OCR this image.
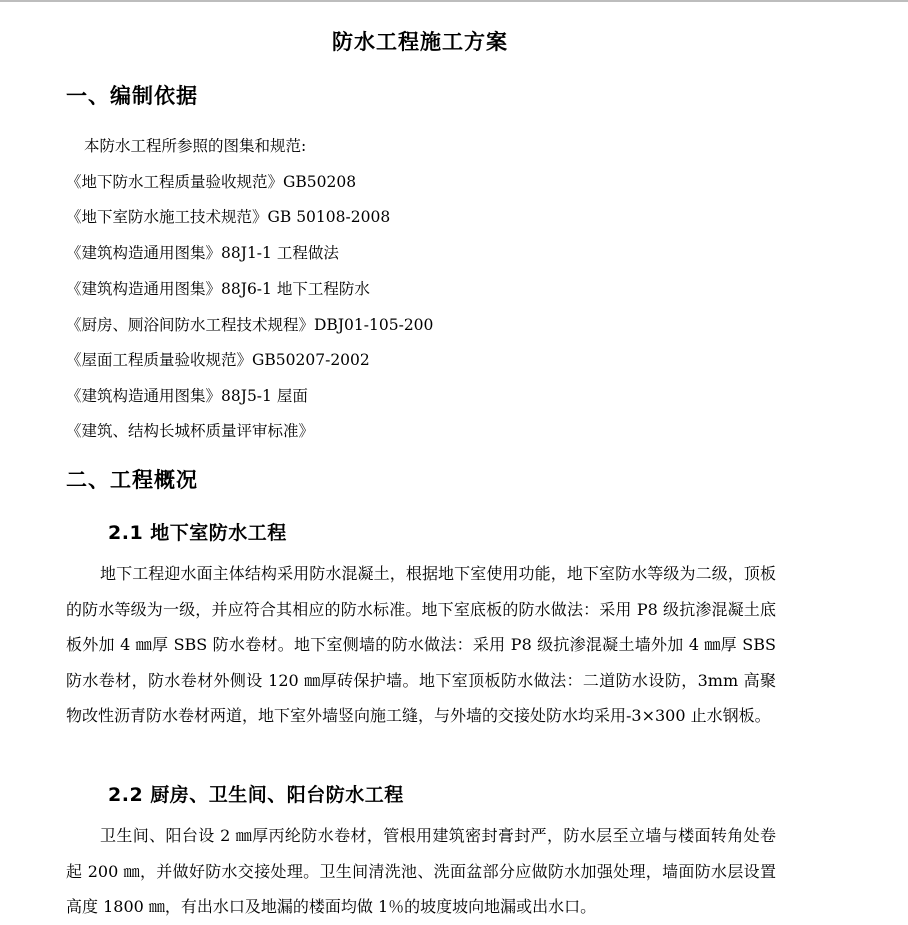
防水工程施工方案
一、编制依据
本防水工程所参照的图集和规范:
《地下防水工程质量验收规范》GB50208
《地下室防水施工技术规范》GB 50108-2008
《建筑构造通用图集》88J1-1 工程做法
《建筑构造通用图集》88J6-1 地下工程防水
《厨房、厕浴间防水工程技术规程》DBJ01-105-200
《屋面工程质量验收规范》GB50207-2002
《建筑构造通用图集》88J5-1 屋面
《建筑、结构长城杯质量评审标准》
二、工程概况
2.1 地下室防水工程
地下工程迎水面主体结构采用防水混凝土，根据地下室使用功能，地下室防水等级为二级，顶板的防水等级为一级，并应符合其相应的防水标准。地下室底板的防水做法：采用 P8 级抗渗混凝土底板外加 4 ㎜厚 SBS 防水卷材。地下室侧墙的防水做法：采用 P8 级抗渗混凝土墙外加 4 ㎜厚 SBS 防水卷材，防水卷材外侧设 120 ㎜厚砖保护墙。地下室顶板防水做法：二道防水设防，3mm 高聚物改性沥青防水卷材两道，地下室外墙竖向施工缝，与外墙的交接处防水均采用-3×300 止水钢板。
2.2 厨房、卫生间、阳台防水工程
卫生间、阳台设 2 ㎜厚丙纶防水卷材，管根用建筑密封膏封严，防水层至立墙与楼面转角处卷起 200 ㎜，并做好防水交接处理。卫生间清洗池、洗面盆部分应做防水加强处理，墙面防水层设置高度 1800 ㎜，有出水口及地漏的楼面均做 1％的坡度坡向地漏或出水口。
